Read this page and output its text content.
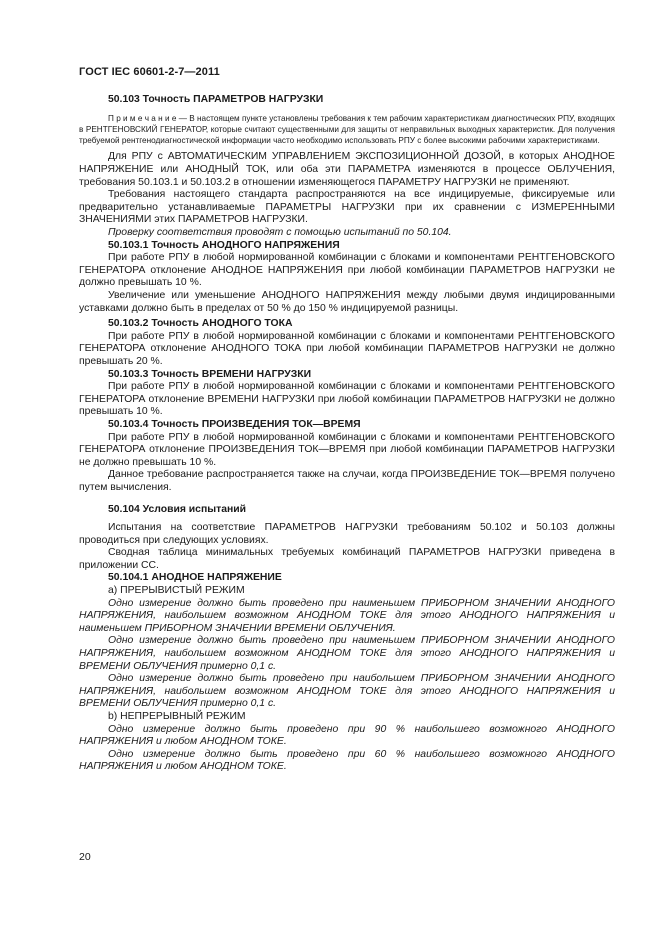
ГОСТ IEC 60601-2-7—2011

50.103 Точность ПАРАМЕТРОВ НАГРУЗКИ

П р и м е ч а н и е — В настоящем пункте установлены требования к тем рабочим характеристикам диагностических РПУ, входящих в РЕНТГЕНОВСКИЙ ГЕНЕРАТОР, которые считают существенными для защиты от неправильных выходных характеристик. Для получения требуемой рентгенодиагностической информации часто необходимо использовать РПУ с более высокими рабочими характеристиками.

Для РПУ с АВТОМАТИЧЕСКИМ УПРАВЛЕНИЕМ ЭКСПОЗИЦИОННОЙ ДОЗОЙ, в которых АНОДНОЕ НАПРЯЖЕНИЕ или АНОДНЫЙ ТОК, или оба эти ПАРАМЕТРА изменяются в процессе ОБЛУЧЕНИЯ, требования 50.103.1 и 50.103.2 в отношении изменяющегося ПАРАМЕТРУ НАГРУЗКИ не применяют.

Требования настоящего стандарта распространяются на все индицируемые, фиксируемые или предварительно устанавливаемые ПАРАМЕТРЫ НАГРУЗКИ при их сравнении с ИЗМЕРЕННЫМИ ЗНАЧЕНИЯМИ этих ПАРАМЕТРОВ НАГРУЗКИ.

Проверку соответствия проводят с помощью испытаний по 50.104.

50.103.1 Точность АНОДНОГО НАПРЯЖЕНИЯ

При работе РПУ в любой нормированной комбинации с блоками и компонентами РЕНТГЕНОВСКОГО ГЕНЕРАТОРА отклонение АНОДНОЕ НАПРЯЖЕНИЯ при любой комбинации ПАРАМЕТРОВ НАГРУЗКИ не должно превышать 10 %.

Увеличение или уменьшение АНОДНОГО НАПРЯЖЕНИЯ между любыми двумя индицированными уставками должно быть в пределах от 50 % до 150 % индицируемой разницы.

50.103.2 Точность АНОДНОГО ТОКА

При работе РПУ в любой нормированной комбинации с блоками и компонентами РЕНТГЕНОВСКОГО ГЕНЕРАТОРА отклонение АНОДНОГО ТОКА при любой комбинации ПАРАМЕТРОВ НАГРУЗКИ не должно превышать 20 %.

50.103.3 Точность ВРЕМЕНИ НАГРУЗКИ

При работе РПУ в любой нормированной комбинации с блоками и компонентами РЕНТГЕНОВСКОГО ГЕНЕРАТОРА отклонение ВРЕМЕНИ НАГРУЗКИ при любой комбинации ПАРАМЕТРОВ НАГРУЗКИ не должно превышать 10 %.

50.103.4 Точность ПРОИЗВЕДЕНИЯ ТОК—ВРЕМЯ

При работе РПУ в любой нормированной комбинации с блоками и компонентами РЕНТГЕНОВСКОГО ГЕНЕРАТОРА отклонение ПРОИЗВЕДЕНИЯ ТОК—ВРЕМЯ при любой комбинации ПАРАМЕТРОВ НАГРУЗКИ не должно превышать 10 %.

Данное требование распространяется также на случаи, когда ПРОИЗВЕДЕНИЕ ТОК—ВРЕМЯ получено путем вычисления.

50.104 Условия испытаний

Испытания на соответствие ПАРАМЕТРОВ НАГРУЗКИ требованиям 50.102 и 50.103 должны проводиться при следующих условиях.

Сводная таблица минимальных требуемых комбинаций ПАРАМЕТРОВ НАГРУЗКИ приведена в приложении СС.

50.104.1 АНОДНОЕ НАПРЯЖЕНИЕ

а) ПРЕРЫВИСТЫЙ РЕЖИМ

Одно измерение должно быть проведено при наименьшем ПРИБОРНОМ ЗНАЧЕНИИ АНОДНОГО НАПРЯЖЕНИЯ, наибольшем возможном АНОДНОМ ТОКЕ для этого АНОДНОГО НАПРЯЖЕНИЯ и наименьшем ПРИБОРНОМ ЗНАЧЕНИИ ВРЕМЕНИ ОБЛУЧЕНИЯ.

Одно измерение должно быть проведено при наименьшем ПРИБОРНОМ ЗНАЧЕНИИ АНОДНОГО НАПРЯЖЕНИЯ, наибольшем возможном АНОДНОМ ТОКЕ для этого АНОДНОГО НАПРЯЖЕНИЯ и ВРЕМЕНИ ОБЛУЧЕНИЯ примерно 0,1 с.

Одно измерение должно быть проведено при наибольшем ПРИБОРНОМ ЗНАЧЕНИИ АНОДНОГО НАПРЯЖЕНИЯ, наибольшем возможном АНОДНОМ ТОКЕ для этого АНОДНОГО НАПРЯЖЕНИЯ и ВРЕМЕНИ ОБЛУЧЕНИЯ примерно 0,1 с.

b) НЕПРЕРЫВНЫЙ РЕЖИМ

Одно измерение должно быть проведено при 90 % наибольшего возможного АНОДНОГО НАПРЯЖЕНИЯ и любом АНОДНОМ ТОКЕ.

Одно измерение должно быть проведено при 60 % наибольшего возможного АНОДНОГО НАПРЯЖЕНИЯ и любом АНОДНОМ ТОКЕ.

20
